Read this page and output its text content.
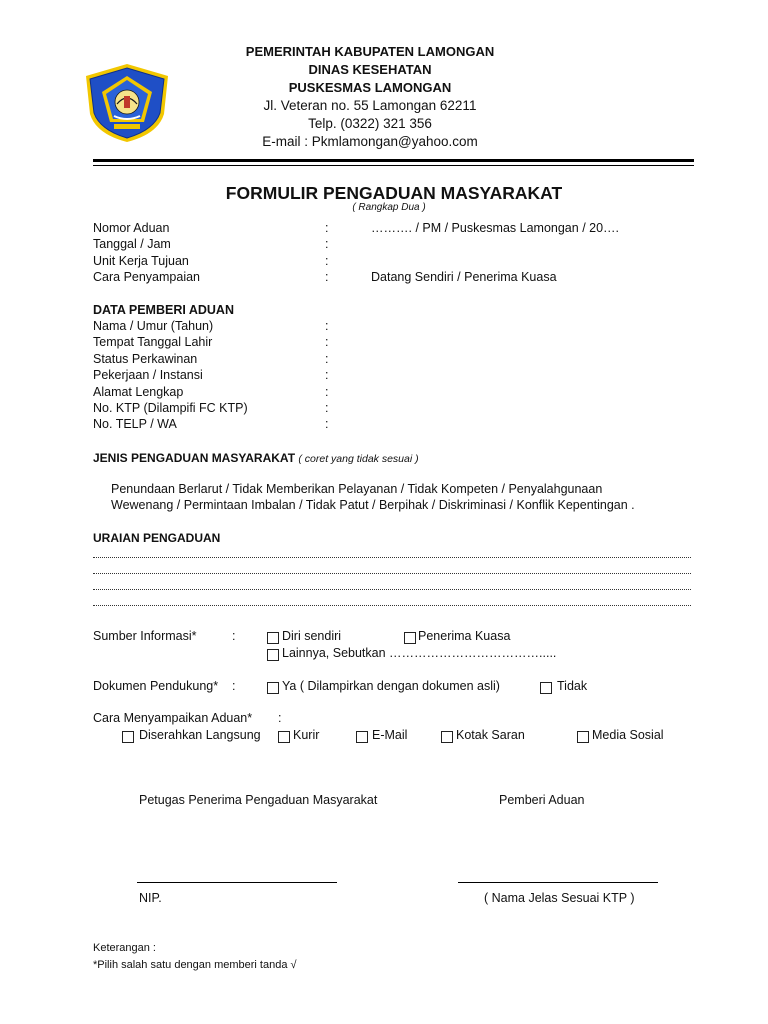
PEMERINTAH KABUPATEN LAMONGAN
DINAS KESEHATAN
PUSKESMAS LAMONGAN
Jl. Veteran no. 55 Lamongan 62211
Telp. (0322) 321 356
E-mail : Pkmlamongan@yahoo.com
FORMULIR PENGADUAN MASYARAKAT
( Rangkap Dua )
Nomor Aduan	:	………. / PM / Puskesmas Lamongan / 20….
Tanggal / Jam	:
Unit Kerja Tujuan	:
Cara Penyampaian	:	Datang Sendiri / Penerima Kuasa
DATA PEMBERI ADUAN
Nama / Umur (Tahun)	:
Tempat Tanggal Lahir	:
Status Perkawinan	:
Pekerjaan / Instansi	:
Alamat Lengkap	:
No. KTP (Dilampifi FC KTP)	:
No. TELP / WA	:
JENIS PENGADUAN MASYARAKAT ( coret yang tidak sesuai )
Penundaan Berlarut / Tidak Memberikan Pelayanan / Tidak Kompeten / Penyalahgunaan
Wewenang / Permintaan Imbalan / Tidak Patut / Berpihak / Diskriminasi / Konflik Kepentingan .
URAIAN PENGADUAN
Sumber Informasi*	:	Diri sendiri	Penerima Kuasa
Lainnya, Sebutkan ……………………………….....
Dokumen Pendukung* :	Ya ( Dilampirkan dengan dokumen asli)	Tidak
Cara Menyampaikan Aduan* :
Diserahkan Langsung	Kurir	E-Mail	Kotak Saran	Media Sosial
Petugas Penerima Pengaduan Masyarakat	Pemberi Aduan
NIP.	( Nama Jelas Sesuai KTP )
Keterangan :
*Pilih salah satu dengan memberi tanda √
